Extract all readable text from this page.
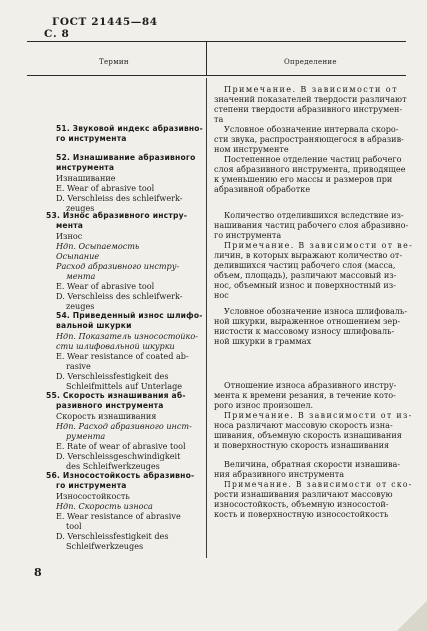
С. 8

ГОСТ 21445—84

Термин	Определение
51. Звуковой индекс абразивно-
го инструмента
52. Изнашивание абразивного
инструмента
Изнашивание
E. Wear of abrasive tool
D. Verschleiss des schleifwerk-
zeuges
53. Износ абразивного инстру-
мента
Износ
Ндп. Осыпаемость
Осыпание
Расход абразивного инстру-
мента
E. Wear of abrasive tool
D. Verschleiss des schleifwerk-
zeuges
54. Приведенный износ шлифо-
вальной шкурки
Ндп. Показатель износостойко-
сти шлифовальной шкурки
E. Wear resistance of coated ab-
rasive
D. Verschleissfestigkeit des
Schleifmittels auf Unterlage
55. Скорость изнашивания аб-
разивного инструмента
Скорость изнашивания
Ндп. Расход абразивного инст-
румента
E. Rate of wear of abrasive tool
D. Verschleissgeschwindigkeit
des Schleifwerkzeuges
56. Износостойкость абразивно-
го инструмента
Износостойкость
Ндп. Скорость износа
E. Wear resistance of abrasive
tool
D. Verschleissfestigkeit des
Schleifwerkzeuges
Примечание. В зависимости от
значений показателей твердости различают
степени твердости абразивного инструмен-
та
Условное обозначение интервала скоро-
сти звука, распространяющегося в абразив-
ном инструменте
Постепенное отделение частиц рабочего
слоя абразивного инструмента, приводящее
к уменьшению его массы и размеров при
абразивной обработке
Количество отделившихся вследствие из-
нашивания частиц рабочего слоя абразивно-
го инструмента
Примечание. В зависимости от ве-
личин, в которых выражают количество от-
делившихся частиц рабочего слоя (масса,
объем, площадь), различают массовый из-
нос, объемный износ и поверхностный из-
нос
Условное обозначение износа шлифоваль-
ной шкурки, выраженное отношением зер-
нистости к массовому износу шлифоваль-
ной шкурки в граммах
Отношение износа абразивного инстру-
мента к времени резания, в течение кото-
рого износ произошел.
Примечание. В зависимости от из-
носа различают массовую скорость изна-
шивания, объемную скорость изнашивания
и поверхностную скорость изнашивания
Величина, обратная скорости изнашива-
ния абразивного инструмента
Примечание. В зависимости от ско-
рости изнашивания различают массовую
износостойкость, объемную износостой-
кость и поверхностную износостойкость
8
